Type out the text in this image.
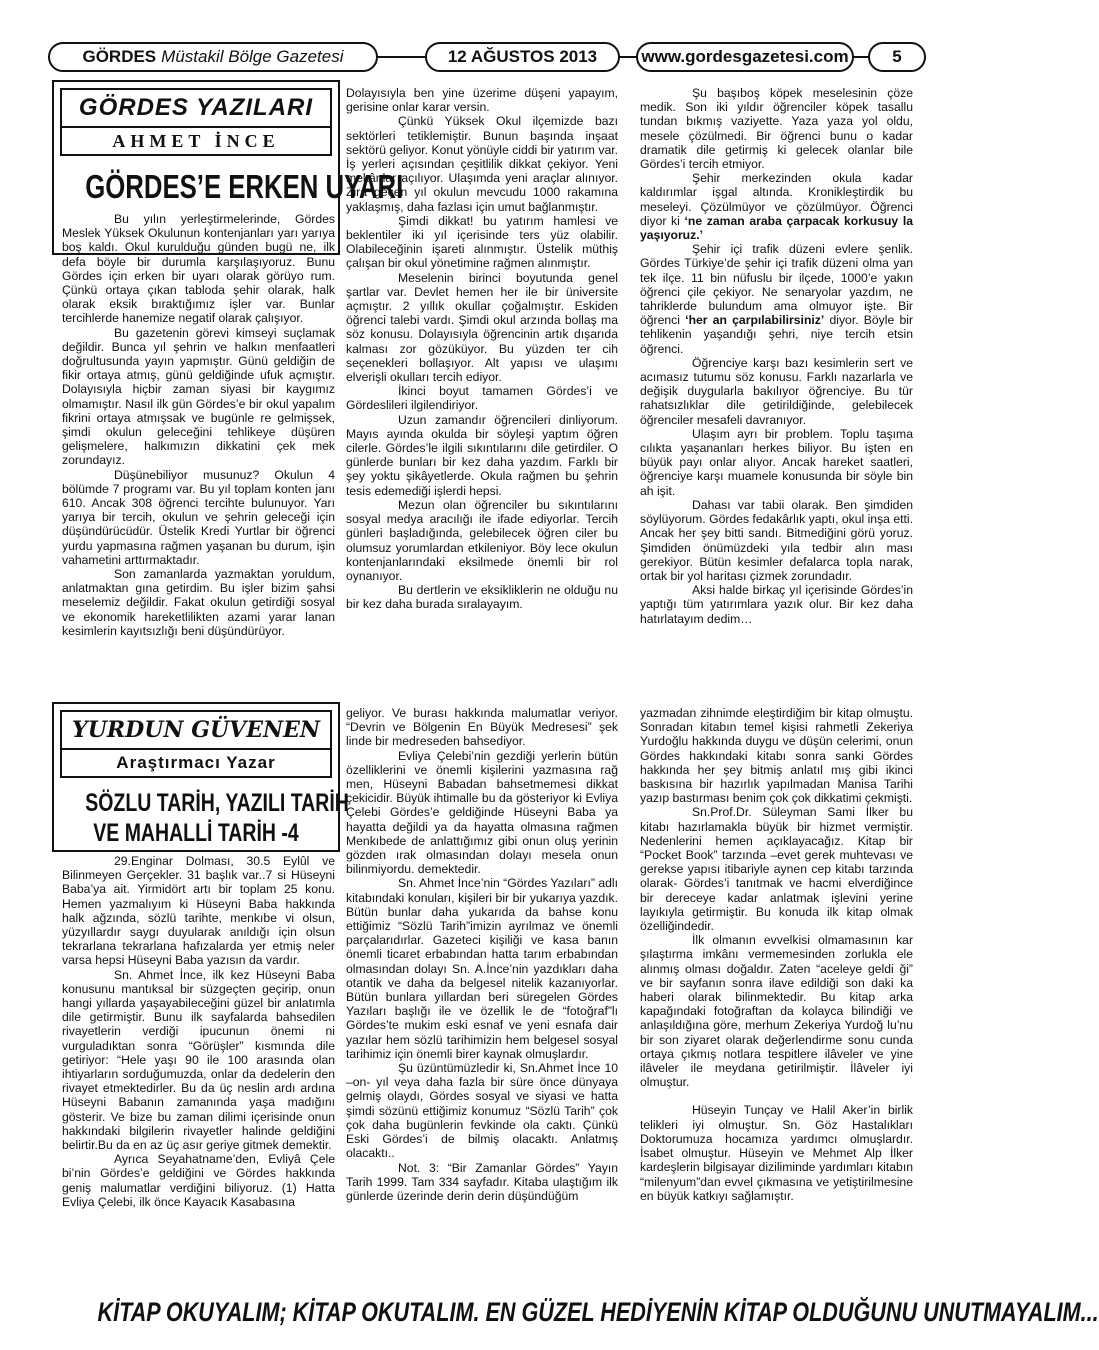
GÖRDES Müstakil Bölge Gazetesi	12 AĞUSTOS 2013	www.gordesgazetesi.com	5
GÖRDES YAZILARI
AHMET İNCE
GÖRDES’E ERKEN UYARI

Bu yılın yerleştirmelerinde, Gördes Meslek Yüksek Okulunun kontenjanları yarı yarıya boş kaldı. Okul kurulduğu günden bugü ne, ilk defa böyle bir durumla karşılaşıyoruz. Bunu Gördes için erken bir uyarı olarak görüyo rum. Çünkü ortaya çıkan tabloda şehir olarak, halk olarak eksik bıraktığımız işler var. Bunlar tercihlerde hanemize negatif olarak çalışıyor.

Bu gazetenin görevi kimseyi suçlamak değildir. Bunca yıl şehrin ve halkın menfaatleri doğrultusunda yayın yapmıştır. Günü geldiğin de fikir ortaya atmış, günü geldiğinde ufuk açmıştır. Dolayısıyla hiçbir zaman siyasi bir kaygımız olmamıştır. Nasıl ilk gün Gördes’e bir okul yapalım fikrini ortaya atmışsak ve bugünle re gelmişsek, şimdi okulun geleceğini tehlikeye düşüren gelişmelere, halkımızın dikkatini çek mek zorundayız.

Düşünebiliyor musunuz? Okulun 4 bölümde 7 programı var. Bu yıl toplam konten janı 610. Ancak 308 öğrenci tercihte bulunuyor. Yarı yarıya bir tercih, okulun ve şehrin geleceği için düşündürücüdür. Üstelik Kredi Yurtlar bir öğrenci yurdu yapmasına rağmen yaşanan bu durum, işin vahametini arttırmaktadır.

Son zamanlarda yazmaktan yoruldum, anlatmaktan gına getirdim. Bu işler bizim şahsi meselemiz değildir. Fakat okulun getirdiği sosyal ve ekonomik hareketlilikten azami yarar lanan kesimlerin kayıtsızlığı beni düşündürüyor.

Dolayısıyla ben yine üzerime düşeni yapayım, gerisine onlar karar versin.

Çünkü Yüksek Okul ilçemizde bazı sektörleri tetiklemiştir. Bunun başında inşaat sektörü geliyor. Konut yönüyle ciddi bir yatırım var. İş yerleri açısından çeşitlilik dikkat çekiyor. Yeni mekânlar açılıyor. Ulaşımda yeni araçlar alınıyor. Zira geçen yıl okulun mevcudu 1000 rakamına yaklaşmış, daha fazlası için umut bağlanmıştır.

Şimdi dikkat! bu yatırım hamlesi ve beklentiler iki yıl içerisinde ters yüz olabilir. Olabileceğinin işareti alınmıştır. Üstelik müthiş çalışan bir okul yönetimine rağmen alınmıştır.

Meselenin birinci boyutunda genel şartlar var. Devlet hemen her ile bir üniversite açmıştır. 2 yıllık okullar çoğalmıştır. Eskiden öğrenci talebi vardı. Şimdi okul arzında bollaş ma söz konusu. Dolayısıyla öğrencinin artık dışarıda kalması zor gözüküyor. Bu yüzden ter cih seçenekleri bollaşıyor. Alt yapısı ve ulaşımı elverişli okulları tercih ediyor.

İkinci boyut tamamen Gördes’i ve Gördeslileri ilgilendiriyor.

Uzun zamandır öğrencileri dinliyorum. Mayıs ayında okulda bir söyleşi yaptım öğren cilerle. Gördes’le ilgili sıkıntılarını dile getirdiler. O günlerde bunları bir kez daha yazdım. Farklı bir şey yoktu şikâyetlerde. Okula rağmen bu şehrin tesis edemediği işlerdi hepsi.

Mezun olan öğrenciler bu sıkıntılarını sosyal medya aracılığı ile ifade ediyorlar. Tercih günleri başladığında, gelebilecek öğren ciler bu olumsuz yorumlardan etkileniyor. Böy lece okulun kontenjanlarındaki eksilmede önemli bir rol oynanıyor.

Bu dertlerin ve eksikliklerin ne olduğu nu bir kez daha burada sıralayayım.

Şu başıboş köpek meselesinin çöze medik. Son iki yıldır öğrenciler köpek tasallu tundan bıkmış vaziyette. Yaza yaza yol oldu, mesele çözülmedi. Bir öğrenci bunu o kadar dramatik dile getirmiş ki gelecek olanlar bile Gördes’i tercih etmiyor.

Şehir merkezinden okula kadar kaldırımlar işgal altında. Kronikleştirdik bu meseleyi. Çözülmüyor ve çözülmüyor. Öğrenci diyor ki ‘ne zaman araba çarpacak korkusuy la yaşıyoruz.’

Şehir içi trafik düzeni evlere şenlik. Gördes Türkiye’de şehir içi trafik düzeni olma yan tek ilçe. 11 bin nüfuslu bir ilçede, 1000’e yakın öğrenci çile çekiyor. Ne senaryolar yazdım, ne tahriklerde bulundum ama olmuyor işte. Bir öğrenci ‘her an çarpılabilirsiniz’ diyor. Böyle bir tehlikenin yaşandığı şehri, niye tercih etsin öğrenci.

Öğrenciye karşı bazı kesimlerin sert ve acımasız tutumu söz konusu. Farklı nazarlarla ve değişik duygularla bakılıyor öğrenciye. Bu tür rahatsızlıklar dile getirildiğinde, gelebilecek öğrenciler mesafeli davranıyor.

Ulaşım ayrı bir problem. Toplu taşıma cılıkta yaşananları herkes biliyor. Bu işten en büyük payı onlar alıyor. Ancak hareket saatleri, öğrenciye karşı muamele konusunda bir söyle bin ah işit.

Dahası var tabii olarak. Ben şimdiden söylüyorum. Gördes fedakârlık yaptı, okul inşa etti. Ancak her şey bitti sandı. Bitmediğini görü yoruz. Şimdiden önümüzdeki yıla tedbir alın ması gerekiyor. Bütün kesimler defalarca topla narak, ortak bir yol haritası çizmek zorundadır.

Aksi halde birkaç yıl içerisinde Gördes’in yaptığı tüm yatırımlara yazık olur. Bir kez daha hatırlatayım dedim…

YURDUN GÜVENEN
Araştırmacı Yazar
SÖZLU TARİH, YAZILI TARİH
VE MAHALLİ TARİH -4

29.Enginar Dolması, 30.5 Eylûl ve Bilinmeyen Gerçekler. 31 başlık var..7 si Hüseyni Baba’ya ait. Yirmidört artı bir toplam 25 konu. Hemen yazmalıyım ki Hüseyni Baba hakkında halk ağzında, sözlü tarihte, menkıbe vi olsun, yüzyıllardır saygı duyularak anıldığı için olsun tekrarlana tekrarlana hafızalarda yer etmiş neler varsa hepsi Hüseyni Baba yazısın da vardır.

Sn. Ahmet İnce, ilk kez Hüseyni Baba konusunu mantıksal bir süzgeçten geçirip, onun hangi yıllarda yaşayabileceğini güzel bir anlatımla dile getirmiştir. Bunu ilk sayfalarda bahsedilen rivayetlerin verdiği ipucunun önemi ni vurguladıktan sonra “Görüşler” kısmında dile getiriyor: “Hele yaşı 90 ile 100 arasında olan ihtiyarların sorduğumuzda, onlar da dedelerin den rivayet etmektedirler. Bu da üç neslin ardı ardına Hüseyni Babanın zamanında yaşa madığını gösterir. Ve bize bu zaman dilimi içerisinde onun hakkındaki bilgilerin rivayetler halinde geldiğini belirtir.Bu da en az üç asır geriye gitmek demektir.

Ayrıca Seyahatname’den, Evliyâ Çele bi’nin Gördes’e geldiğini ve Gördes hakkında geniş malumatlar verdiğini biliyoruz. (1) Hatta Evliya Çelebi, ilk önce Kayacık Kasabasına

geliyor. Ve burası hakkında malumatlar veriyor. “Devrin ve Bölgenin En Büyük Medresesi” şek linde bir medreseden bahsediyor.

Evliya Çelebi’nin gezdiği yerlerin bütün özelliklerini ve önemli kişilerini yazmasına rağ men, Hüseyni Babadan bahsetmemesi dikkat çekicidir. Büyük ihtimalle bu da gösteriyor ki Evliya Çelebi Gördes’e geldiğinde Hüseyni Baba ya hayatta değildi ya da hayatta olmasına rağmen Menkıbede de anlattığımız gibi onun oluş yerinin gözden ırak olmasından dolayı mesela onun bilinmiyordu. demektedir.

Sn. Ahmet İnce’nin “Gördes Yazıları” adlı kitabındaki konuları, kişileri bir bir yukarıya yazdık. Bütün bunlar daha yukarıda da bahse konu ettiğimiz “Sözlü Tarih”imizin ayrılmaz ve önemli parçalarıdırlar. Gazeteci kişiliği ve kasa banın önemli ticaret erbabından hatta tarım erbabından olmasından dolayı Sn. A.İnce’nin yazdıkları daha otantik ve daha da belgesel nitelik kazanıyorlar. Bütün bunlara yıllardan beri süregelen Gördes Yazıları başlığı ile ve özellik le de “fotoğraf”lı Gördes’te mukim eski esnaf ve yeni esnafa dair yazılar hem sözlü tarihimizin hem belgesel sosyal tarihimiz için önemli birer kaynak olmuşlardır.

Şu üzüntümüzledir ki, Sn.Ahmet İnce 10 –on- yıl veya daha fazla bir süre önce dünyaya gelmiş olaydı, Gördes sosyal ve siyasi ve hatta şimdi sözünü ettiğimiz konumuz “Sözlü Tarih” çok çok daha bugünlerin fevkinde ola caktı. Çünkü Eski Gördes’i de bilmiş olacaktı. Anlatmış olacaktı..

Not. 3: “Bir Zamanlar Gördes” Yayın Tarih 1999. Tam 334 sayfadır. Kitaba ulaştığım ilk günlerde üzerinde derin derin düşündüğüm

yazmadan zihnimde eleştirdiğim bir kitap olmuştu. Sonradan kitabın temel kişisi rahmetli Zekeriya Yurdoğlu hakkında duygu ve düşün celerimi, onun Gördes hakkındaki kitabı sonra sanki Gördes hakkında her şey bitmiş anlatıl mış gibi ikinci baskısına bir hazırlık yapılmadan Manisa Tarihi yazıp bastırması benim çok çok dikkatimi çekmişti.

Sn.Prof.Dr. Süleyman Sami İlker bu kitabı hazırlamakla büyük bir hizmet vermiştir. Nedenlerini hemen açıklayacağız. Kitap bir “Pocket Book” tarzında –evet gerek muhtevası ve gerekse yapısı itibariyle aynen cep kitabı tarzında olarak- Gördes’i tanıtmak ve hacmi elverdiğince bir dereceye kadar anlatmak işlevini yerine layıkıyla getirmiştir. Bu konuda ilk kitap olmak özelliğindedir.

İlk olmanın evvelkisi olmamasının kar şılaştırma imkânı vermemesinden zorlukla ele alınmış olması doğaldır. Zaten “aceleye geldi ği” ve bir sayfanın sonra ilave edildiği son daki ka haberi olarak bilinmektedir. Bu kitap arka kapağındaki fotoğraftan da kolayca bilindiği ve anlaşıldığına göre, merhum Zekeriya Yurdoğ lu’nu bir son ziyaret olarak değerlendirme sonu cunda ortaya çıkmış notlara tespitlere ilâveler ve yine ilâveler ile meydana getirilmiştir. İlâveler iyi olmuştur.

Hüseyin Tunçay ve Halil Aker’in birlik telikleri iyi olmuştur. Sn. Göz Hastalıkları Doktorumuza hocamıza yardımcı olmuşlardır. İsabet olmuştur. Hüseyin ve Mehmet Alp İlker kardeşlerin bilgisayar diziliminde yardımları kitabın “milenyum”dan evvel çıkmasına ve yetiştirilmesine en büyük katkıyı sağlamıştır.

KİTAP OKUYALIM; KİTAP OKUTALIM. EN GÜZEL HEDİYENİN KİTAP OLDUĞUNU UNUTMAYALIM...
